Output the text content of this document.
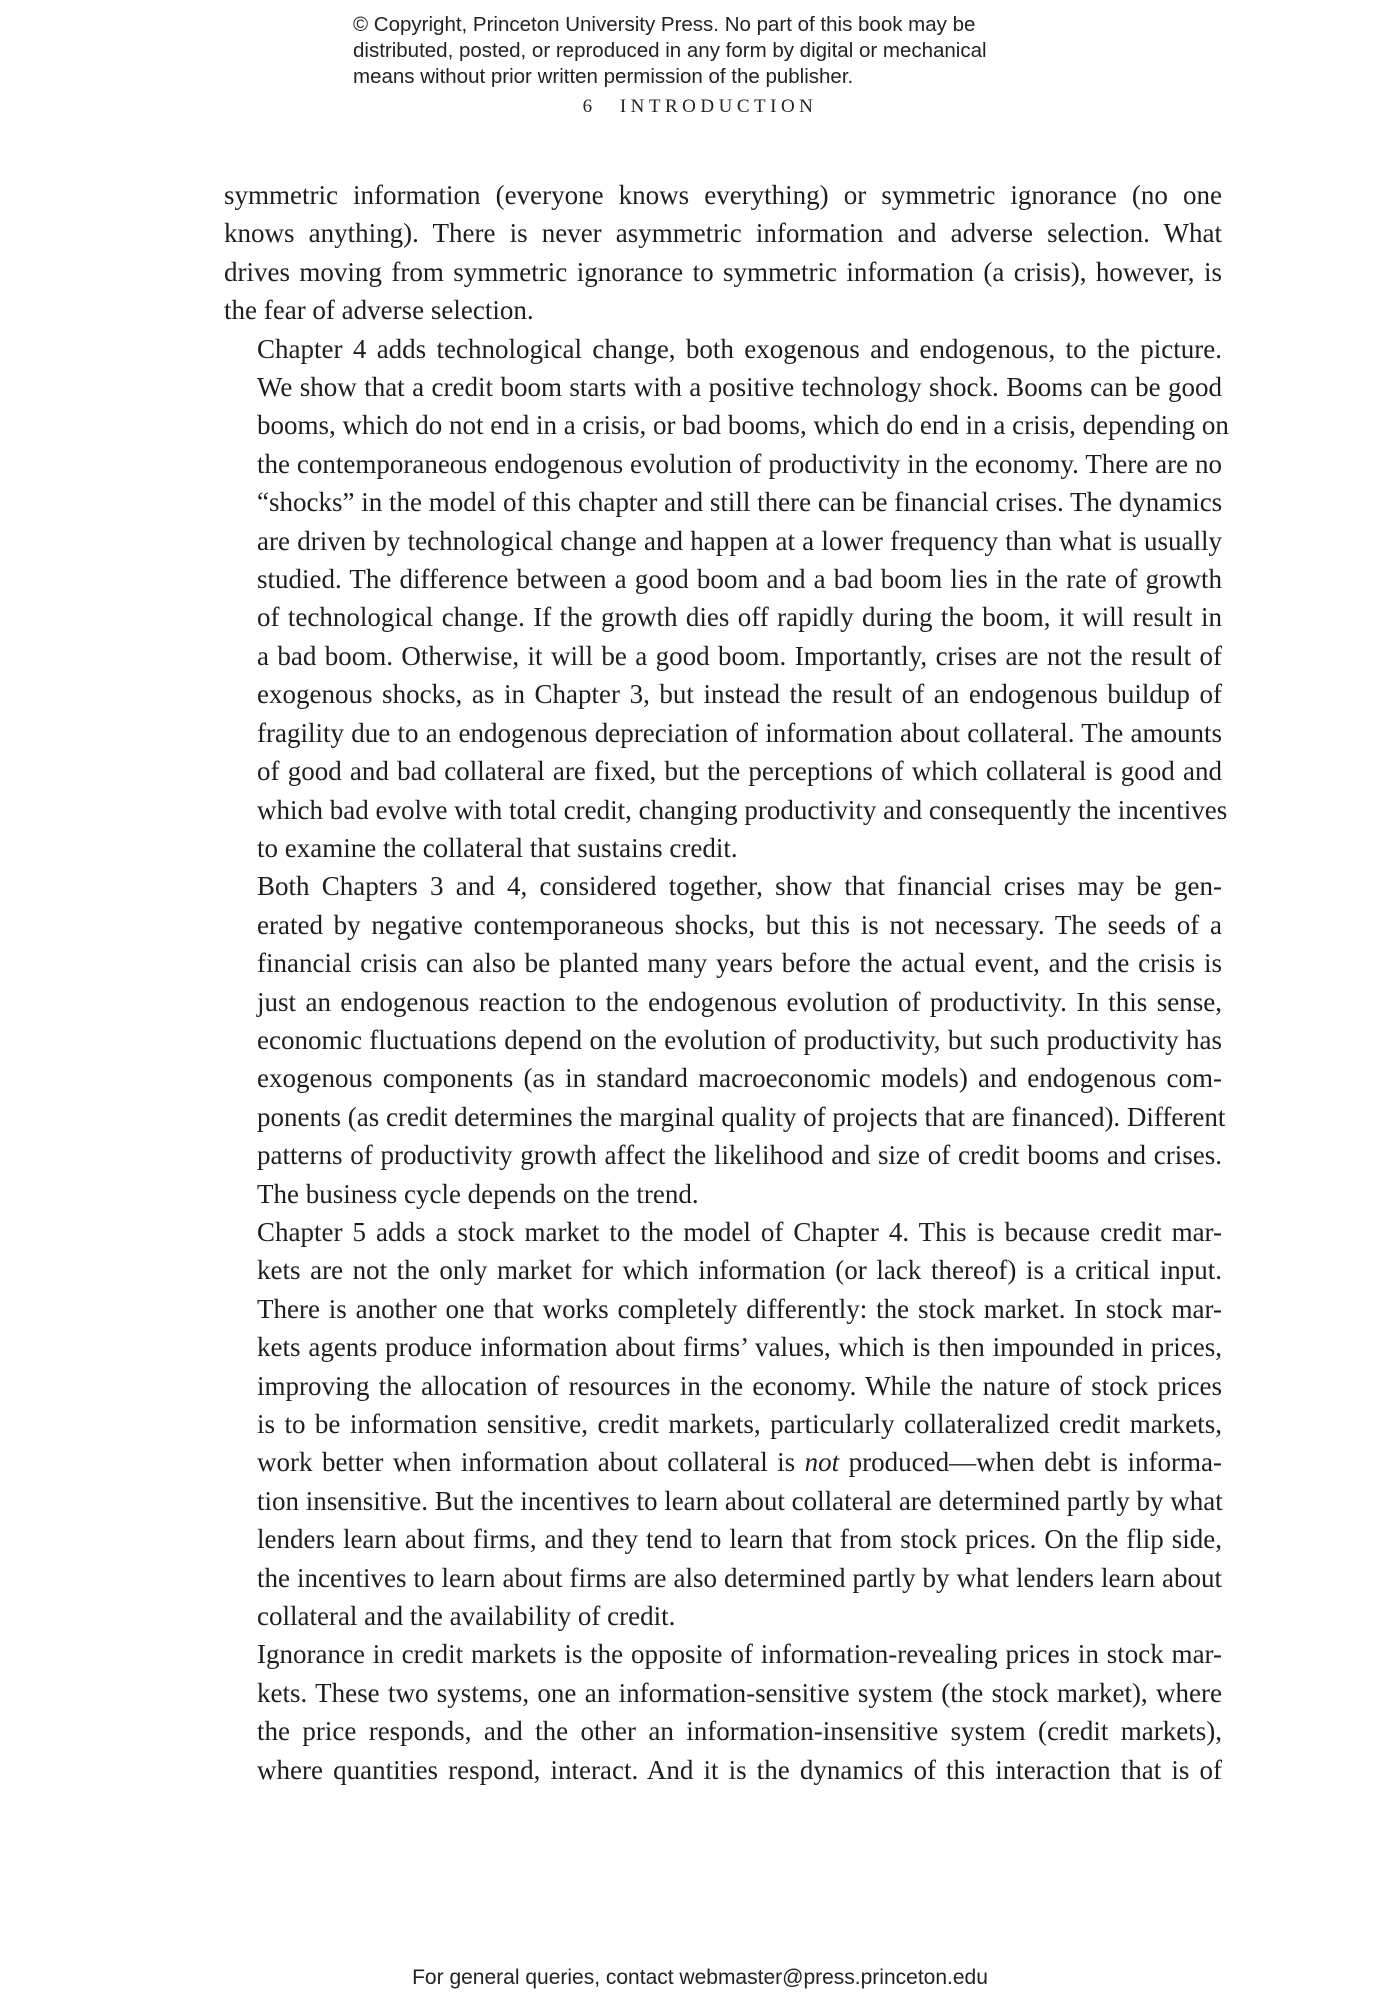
© Copyright, Princeton University Press. No part of this book may be
distributed, posted, or reproduced in any form by digital or mechanical
means without prior written permission of the publisher.
6 INTRODUCTION
symmetric information (everyone knows everything) or symmetric ignorance (no one
knows anything). There is never asymmetric information and adverse selection. What
drives moving from symmetric ignorance to symmetric information (a crisis), however, is
the fear of adverse selection.
Chapter 4 adds technological change, both exogenous and endogenous, to the picture.
We show that a credit boom starts with a positive technology shock. Booms can be good
booms, which do not end in a crisis, or bad booms, which do end in a crisis, depending on
the contemporaneous endogenous evolution of productivity in the economy. There are no
“shocks” in the model of this chapter and still there can be financial crises. The dynamics
are driven by technological change and happen at a lower frequency than what is usually
studied. The difference between a good boom and a bad boom lies in the rate of growth
of technological change. If the growth dies off rapidly during the boom, it will result in
a bad boom. Otherwise, it will be a good boom. Importantly, crises are not the result of
exogenous shocks, as in Chapter 3, but instead the result of an endogenous buildup of
fragility due to an endogenous depreciation of information about collateral. The amounts
of good and bad collateral are fixed, but the perceptions of which collateral is good and
which bad evolve with total credit, changing productivity and consequently the incentives
to examine the collateral that sustains credit.
Both Chapters 3 and 4, considered together, show that financial crises may be gen-
erated by negative contemporaneous shocks, but this is not necessary. The seeds of a
financial crisis can also be planted many years before the actual event, and the crisis is
just an endogenous reaction to the endogenous evolution of productivity. In this sense,
economic fluctuations depend on the evolution of productivity, but such productivity has
exogenous components (as in standard macroeconomic models) and endogenous com-
ponents (as credit determines the marginal quality of projects that are financed). Different
patterns of productivity growth affect the likelihood and size of credit booms and crises.
The business cycle depends on the trend.
Chapter 5 adds a stock market to the model of Chapter 4. This is because credit mar-
kets are not the only market for which information (or lack thereof) is a critical input.
There is another one that works completely differently: the stock market. In stock mar-
kets agents produce information about firms’ values, which is then impounded in prices,
improving the allocation of resources in the economy. While the nature of stock prices
is to be information sensitive, credit markets, particularly collateralized credit markets,
work better when information about collateral is not produced—when debt is informa-
tion insensitive. But the incentives to learn about collateral are determined partly by what
lenders learn about firms, and they tend to learn that from stock prices. On the flip side,
the incentives to learn about firms are also determined partly by what lenders learn about
collateral and the availability of credit.
Ignorance in credit markets is the opposite of information-revealing prices in stock mar-
kets. These two systems, one an information-sensitive system (the stock market), where
the price responds, and the other an information-insensitive system (credit markets),
where quantities respond, interact. And it is the dynamics of this interaction that is of
For general queries, contact webmaster@press.princeton.edu
